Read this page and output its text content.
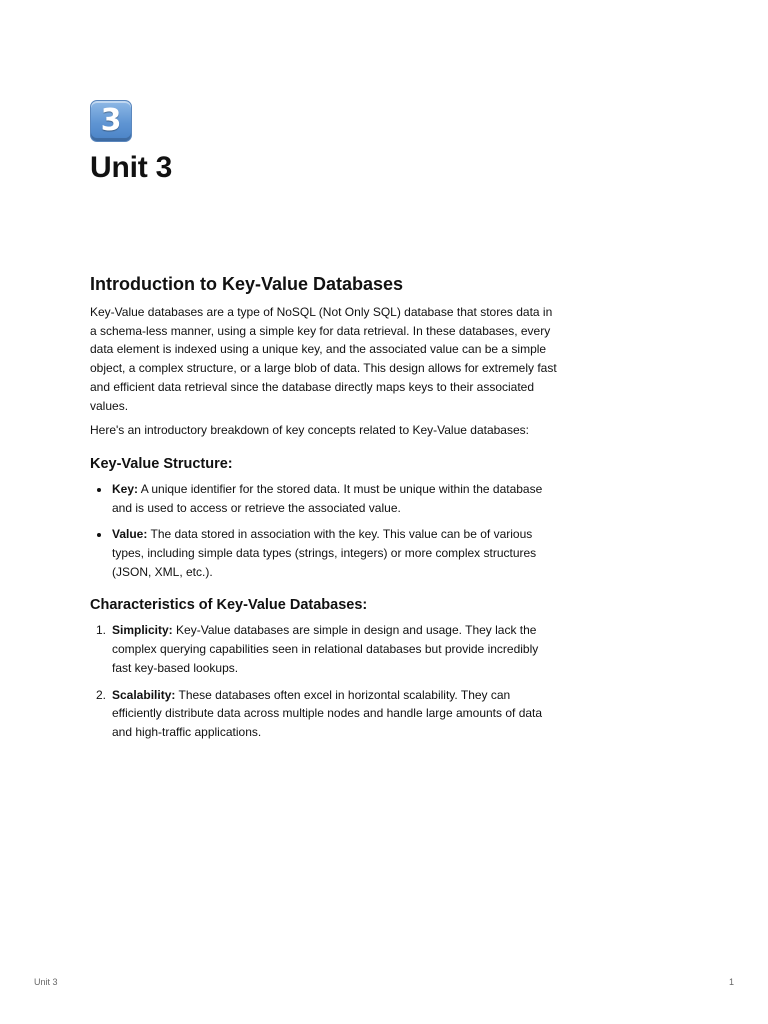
3
Unit 3
Introduction to Key-Value Databases

Key-Value databases are a type of NoSQL (Not Only SQL) database that stores data in a schema-less manner, using a simple key for data retrieval. In these databases, every data element is indexed using a unique key, and the associated value can be a simple object, a complex structure, or a large blob of data. This design allows for extremely fast and efficient data retrieval since the database directly maps keys to their associated values.

Here's an introductory breakdown of key concepts related to Key-Value databases:

Key-Value Structure:
Key: A unique identifier for the stored data. It must be unique within the database and is used to access or retrieve the associated value.
Value: The data stored in association with the key. This value can be of various types, including simple data types (strings, integers) or more complex structures (JSON, XML, etc.).
Characteristics of Key-Value Databases:
1. Simplicity: Key-Value databases are simple in design and usage. They lack the complex querying capabilities seen in relational databases but provide incredibly fast key-based lookups.
2. Scalability: These databases often excel in horizontal scalability. They can efficiently distribute data across multiple nodes and handle large amounts of data and high-traffic applications.
Unit 3	1
